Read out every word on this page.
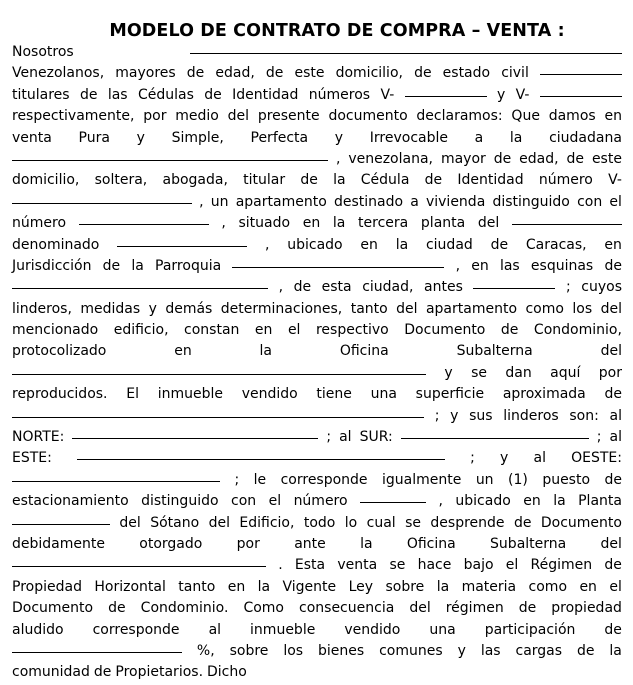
MODELO DE CONTRATO DE COMPRA – VENTA :
Nosotros
Venezolanos, mayores de edad, de este domicilio, de estado civil
titulares de las Cédulas de Identidad números V-	y V-
respectivamente, por medio del presente documento declaramos: Que damos en
venta Pura y Simple, Perfecta y Irrevocable a la ciudadana
, venezolana, mayor de edad, de este
domicilio, soltera, abogada, titular de la Cédula de Identidad número V-
, un apartamento destinado a vivienda distinguido con el
número	, situado en la tercera planta del
denominado	, ubicado en la ciudad de Caracas, en
Jurisdicción de la Parroquia	, en las esquinas de
, de esta ciudad, antes	; cuyos
linderos, medidas y demás determinaciones, tanto del apartamento como los del
mencionado edificio, constan en el respectivo Documento de Condominio,
protocolizado	en	la	Oficina	Subalterna	del
y se dan aquí por
reproducidos. El inmueble vendido tiene una superficie aproximada de
; y sus linderos son: al
NORTE:	; al SUR:	; al
ESTE:	; y al OESTE:
; le corresponde igualmente un (1) puesto de
estacionamiento distinguido con el número	, ubicado en la Planta
del Sótano del Edificio, todo lo cual se desprende de Documento
debidamente otorgado por ante la Oficina Subalterna del
. Esta venta se hace bajo el Régimen de
Propiedad Horizontal tanto en la Vigente Ley sobre la materia como en el
Documento de Condominio. Como consecuencia del régimen de propiedad
aludido corresponde al inmueble vendido una participación de
%, sobre los bienes comunes y las cargas de la
comunidad de Propietarios. Dicho
